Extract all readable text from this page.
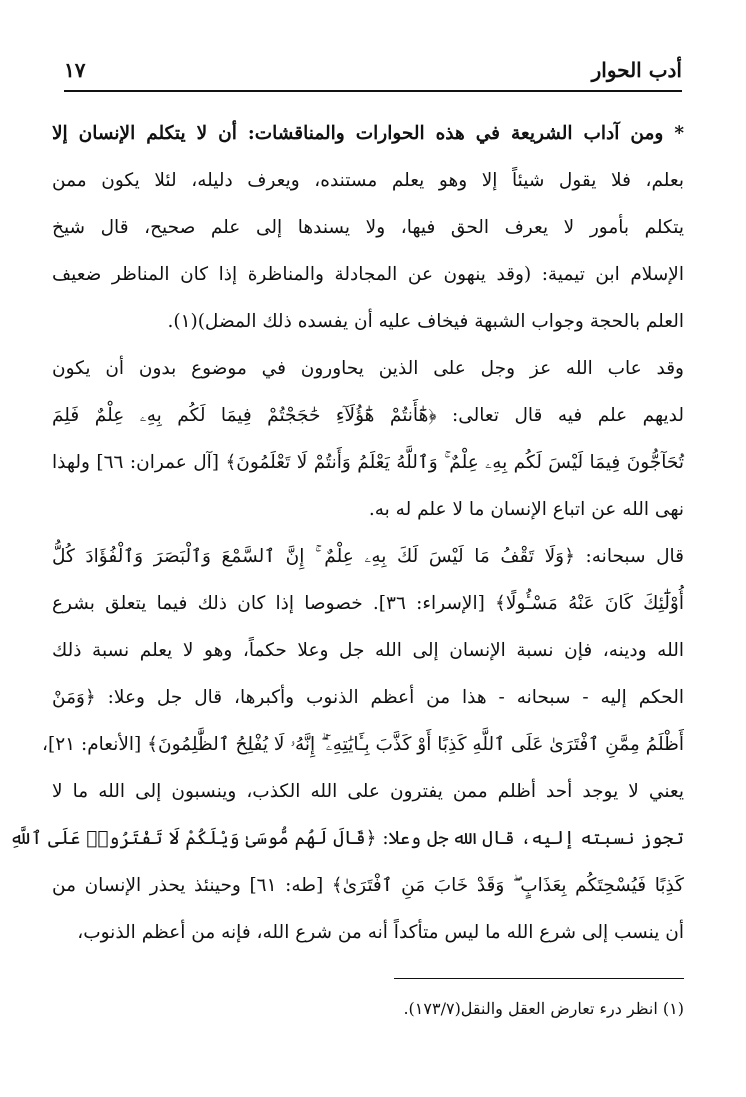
أدب الحوار
١٧
* ومن آداب الشريعة في هذه الحوارات والمناقشات: أن لا يتكلم الإنسان إلا
بعلم، فلا يقول شيئاً إلا وهو يعلم مستنده، ويعرف دليله، لئلا يكون ممن
يتكلم بأمور لا يعرف الحق فيها، ولا يسندها إلى علم صحيح، قال شيخ
الإسلام ابن تيمية: (وقد ينهون عن المجادلة والمناظرة إذا كان المناظر ضعيف
العلم بالحجة وجواب الشبهة فيخاف عليه أن يفسده ذلك المضل)(١).
وقد عاب الله عز وجل على الذين يحاورون في موضوع بدون أن يكون
لديهم علم فيه قال تعالى: ﴿هَٰٓأَنتُمْ هَٰٓؤُلَآءِ حَٰجَجْتُمْ فِيمَا لَكُم بِهِۦ عِلْمٌ فَلِمَ
تُحَآجُّونَ فِيمَا لَيْسَ لَكُم بِهِۦ عِلْمٌ ۚ وَٱللَّهُ يَعْلَمُ وَأَنتُمْ لَا تَعْلَمُونَ﴾ [آل عمران: ٦٦] ولهذا
نهى الله عن اتباع الإنسان ما لا علم له به.
قال سبحانه: ﴿وَلَا تَقْفُ مَا لَيْسَ لَكَ بِهِۦ عِلْمٌ ۚ إِنَّ ٱلسَّمْعَ وَٱلْبَصَرَ وَٱلْفُؤَادَ كُلُّ
أُوْلَٰٓئِكَ كَانَ عَنْهُ مَسْـُٔولًا﴾ [الإسراء: ٣٦]. خصوصا إذا كان ذلك فيما يتعلق بشرع
الله ودينه، فإن نسبة الإنسان إلى الله جل وعلا حكماً، وهو لا يعلم نسبة ذلك
الحكم إليه - سبحانه - هذا من أعظم الذنوب وأكبرها، قال جل وعلا: ﴿وَمَنْ
أَظْلَمُ مِمَّنِ ٱفْتَرَىٰ عَلَى ٱللَّهِ كَذِبًا أَوْ كَذَّبَ بِـَٔايَٰتِهِۦٓ ۗ إِنَّهُۥ لَا يُفْلِحُ ٱلظَّٰلِمُونَ﴾ [الأنعام: ٢١]،
يعني لا يوجد أحد أظلم ممن يفترون على الله الكذب، وينسبون إلى الله ما لا
تجوز نسبته إليه، قال الله جل وعلا: ﴿قَالَ لَهُم مُّوسَىٰ وَيْلَكُمْ لَا تَفْتَرُوا۟ عَلَى ٱللَّهِ
كَذِبًا فَيُسْحِتَكُم بِعَذَابٍ ۖ وَقَدْ خَابَ مَنِ ٱفْتَرَىٰ﴾ [طه: ٦١] وحينئذ يحذر الإنسان من
أن ينسب إلى شرع الله ما ليس متأكداً أنه من شرع الله، فإنه من أعظم الذنوب،
(١) انظر درء تعارض العقل والنقل(١٧٣/٧).
